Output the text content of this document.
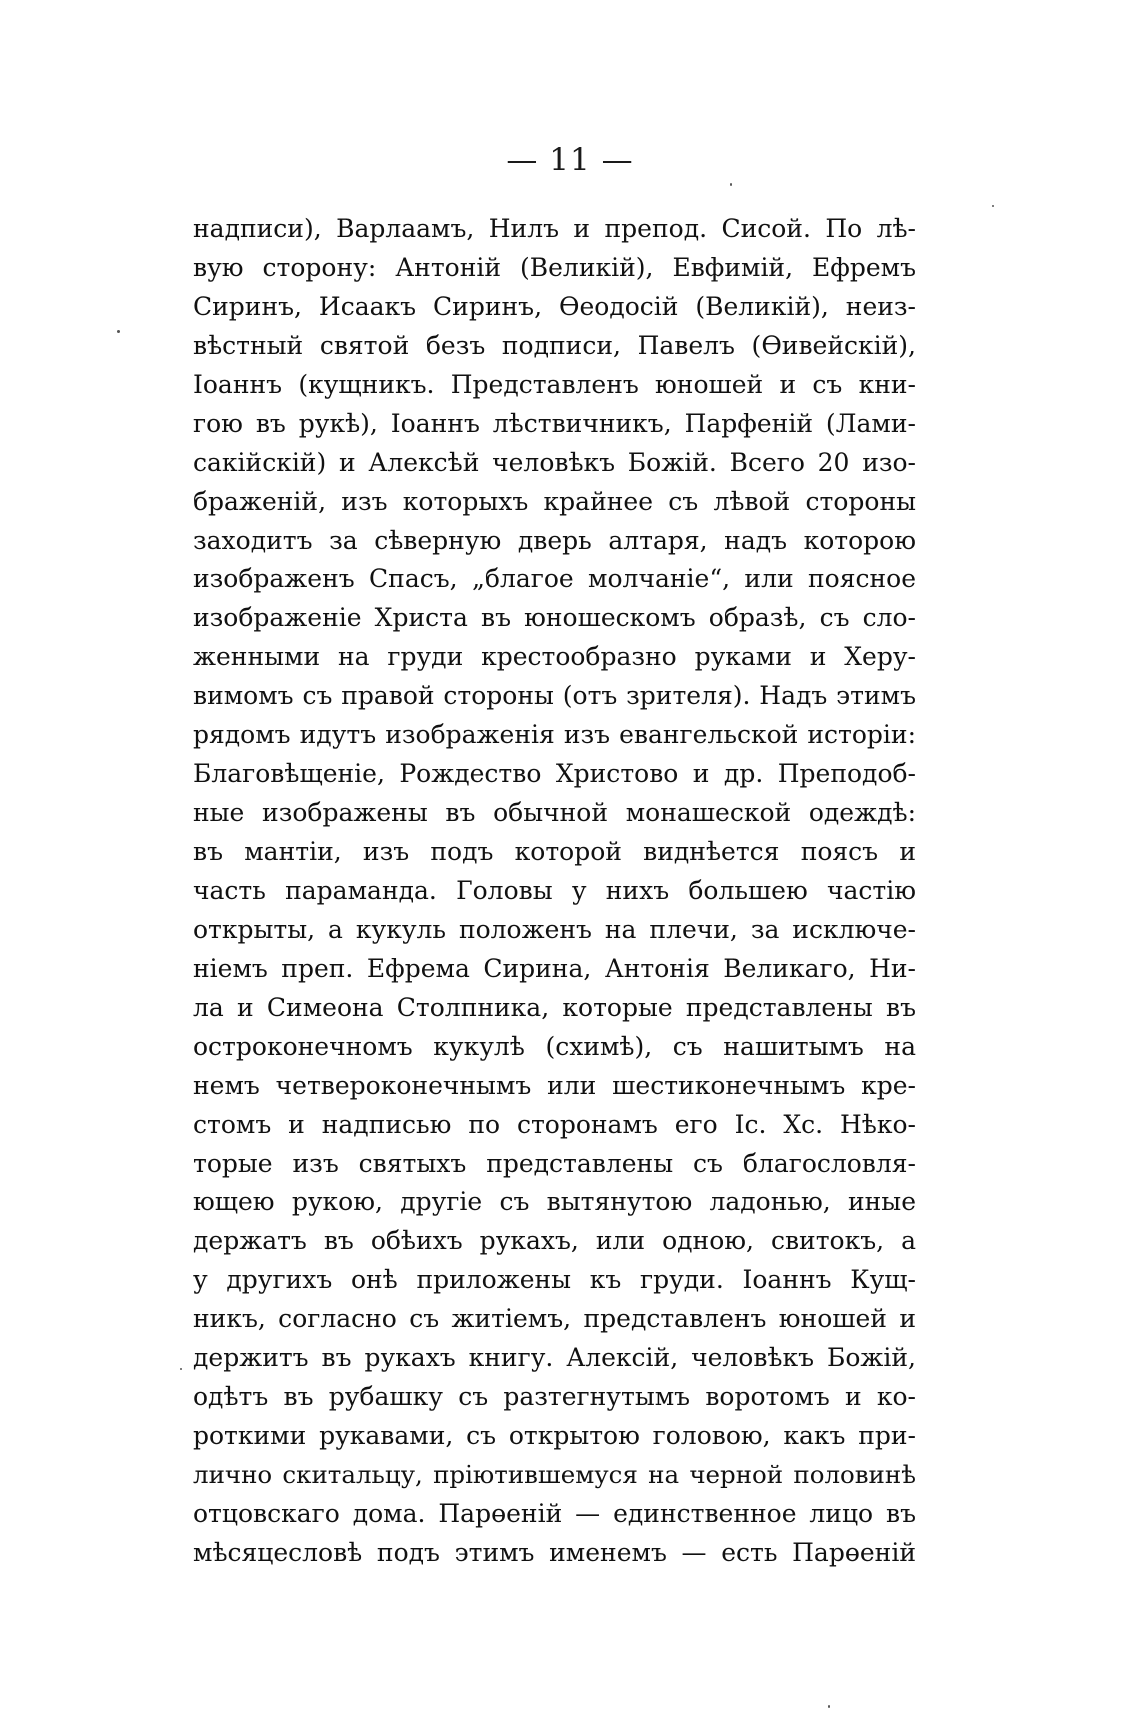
— 11 —
надписи), Варлаамъ, Нилъ и препод. Сисой. По лѣ-
вую сторону: Антоній (Великій), Евфимій, Ефремъ
Сиринъ, Исаакъ Сиринъ, Өеодосій (Великій), неиз-
вѣстный святой безъ подписи, Павелъ (Өивейскій),
Іоаннъ (кущникъ. Представленъ юношей и съ кни-
гою въ рукѣ), Іоаннъ лѣствичникъ, Парфеній (Лами-
сакійскій) и Алексѣй человѣкъ Божій. Всего 20 изо-
браженій, изъ которыхъ крайнее съ лѣвой стороны
заходитъ за сѣверную дверь алтаря, надъ которою
изображенъ Спасъ, „благое молчаніе“, или поясное
изображеніе Христа въ юношескомъ образѣ, съ сло-
женными на груди крестообразно руками и Херу-
вимомъ съ правой стороны (отъ зрителя). Надъ этимъ
рядомъ идутъ изображенія изъ евангельской исторіи:
Благовѣщеніе, Рождество Христово и др. Преподоб-
ные изображены въ обычной монашеской одеждѣ:
въ мантіи, изъ подъ которой виднѣется поясъ и
часть параманда. Головы у нихъ большею частію
открыты, а кукуль положенъ на плечи, за исключе-
ніемъ преп. Ефрема Сирина, Антонія Великаго, Ни-
ла и Симеона Столпника, которые представлены въ
остроконечномъ кукулѣ (схимѣ), съ нашитымъ на
немъ четвероконечнымъ или шестиконечнымъ кре-
стомъ и надписью по сторонамъ его Іс. Хс. Нѣко-
торые изъ святыхъ представлены съ благословля-
ющею рукою, другіе съ вытянутою ладонью, иные
держатъ въ обѣихъ рукахъ, или одною, свитокъ, а
у другихъ онѣ приложены къ груди. Іоаннъ Кущ-
никъ, согласно съ житіемъ, представленъ юношей и
держитъ въ рукахъ книгу. Алексій, человѣкъ Божій,
одѣтъ въ рубашку съ разтегнутымъ воротомъ и ко-
роткими рукавами, съ открытою головою, какъ при-
лично скитальцу, пріютившемуся на черной половинѣ
отцовскаго дома. Парөеній — единственное лицо въ
мѣсяцесловѣ подъ этимъ именемъ — есть Парөеній
